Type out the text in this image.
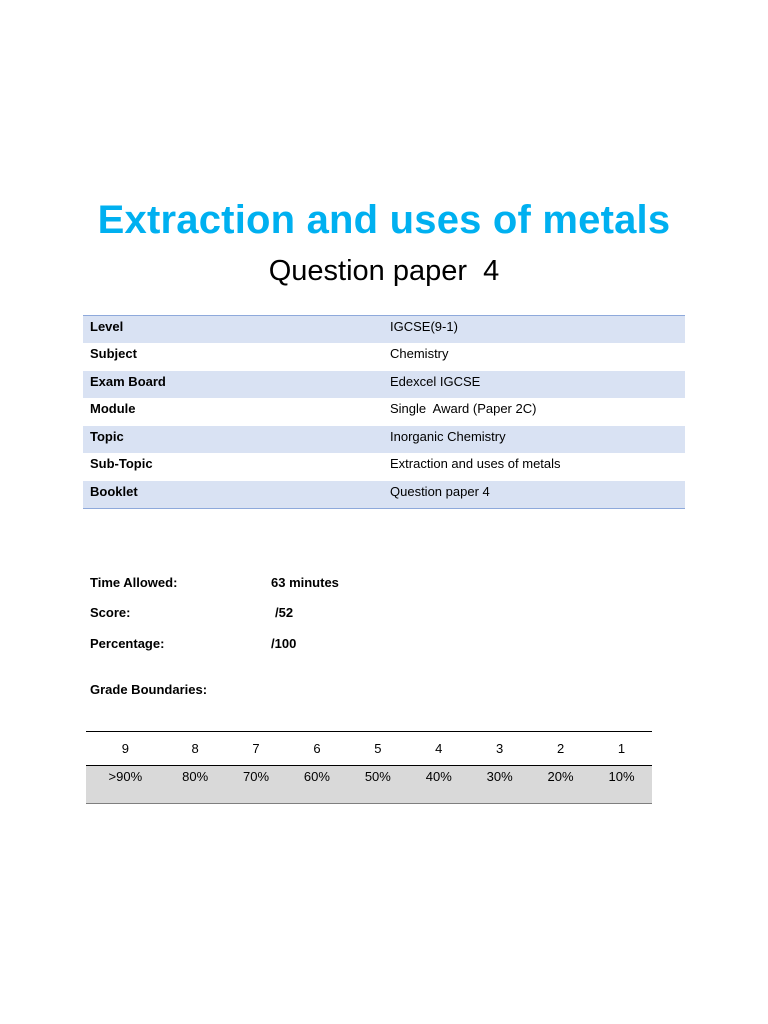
Extraction and uses of metals
Question paper  4
Level	IGCSE(9-1)
Subject	Chemistry
Exam Board	Edexcel IGCSE
Module	Single  Award (Paper 2C)
Topic	Inorganic Chemistry
Sub-Topic	Extraction and uses of metals
Booklet	Question paper 4
Time Allowed:	63 minutes
Score:	/52
Percentage:	/100
Grade Boundaries:
9	8	7	6	5	4	3	2	1
>90%	80%	70%	60%	50%	40%	30%	20%	10%
